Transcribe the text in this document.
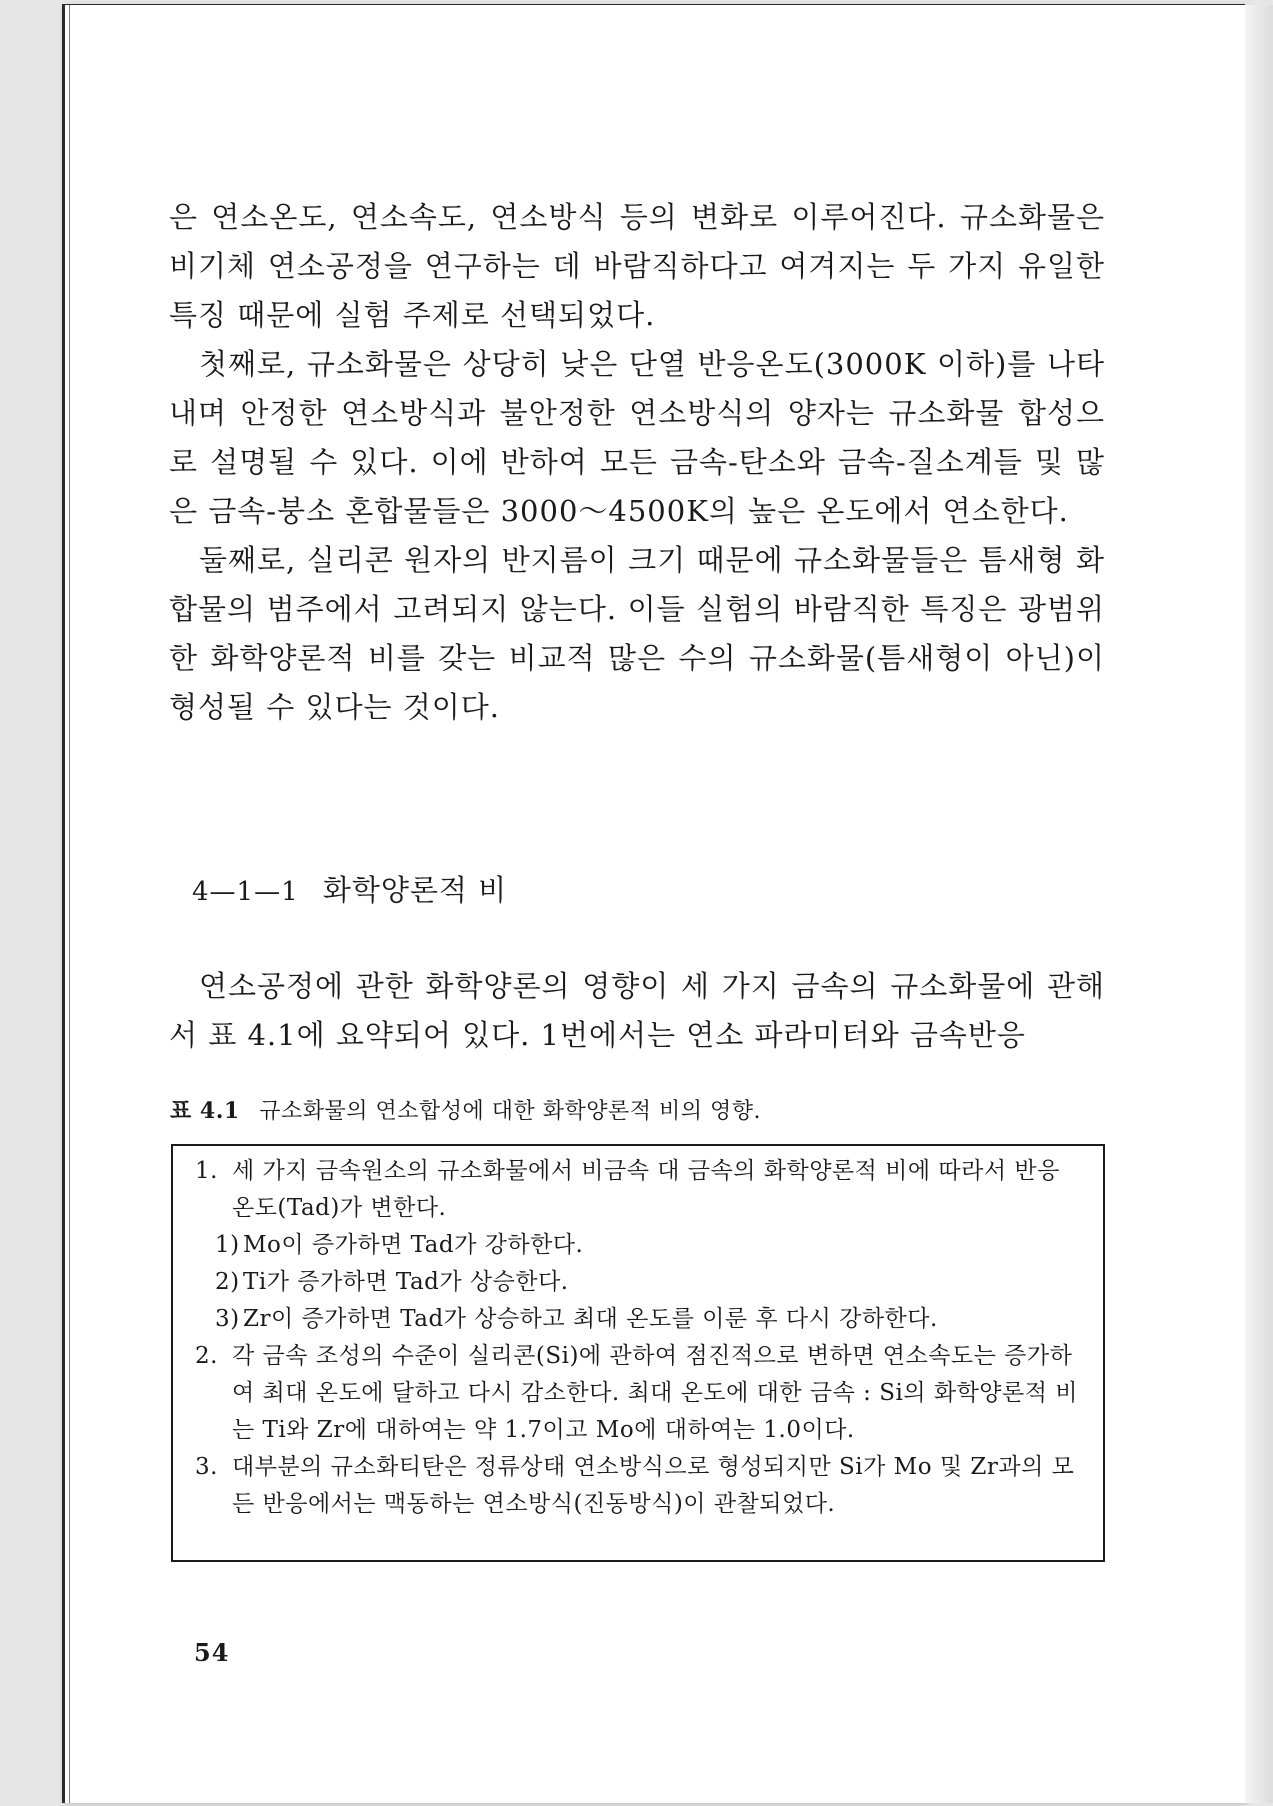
은 연소온도, 연소속도, 연소방식 등의 변화로 이루어진다. 규소화물은 비기체 연소공정을 연구하는 데 바람직하다고 여겨지는 두 가지 유일한 특징 때문에 실험 주제로 선택되었다.

첫째로, 규소화물은 상당히 낮은 단열 반응온도(3000K 이하)를 나타내며 안정한 연소방식과 불안정한 연소방식의 양자는 규소화물 합성으로 설명될 수 있다. 이에 반하여 모든 금속-탄소와 금속-질소계들 및 많은 금속-붕소 혼합물들은 3000～4500K의 높은 온도에서 연소한다.

둘째로, 실리콘 원자의 반지름이 크기 때문에 규소화물들은 틈새형 화합물의 범주에서 고려되지 않는다. 이들 실험의 바람직한 특징은 광범위한 화학양론적 비를 갖는 비교적 많은 수의 규소화물(틈새형이 아닌)이 형성될 수 있다는 것이다.

4—1—1 화학양론적 비

연소공정에 관한 화학양론의 영향이 세 가지 금속의 규소화물에 관해서 표 4.1에 요약되어 있다. 1번에서는 연소 파라미터와 금속반응

표 4.1 규소화물의 연소합성에 대한 화학양론적 비의 영향.
1. 세 가지 금속원소의 규소화물에서 비금속 대 금속의 화학양론적 비에 따라서 반응온도(Tad)가 변한다.
1) Mo이 증가하면 Tad가 강하한다.
2) Ti가 증가하면 Tad가 상승한다.
3) Zr이 증가하면 Tad가 상승하고 최대 온도를 이룬 후 다시 강하한다.
2. 각 금속 조성의 수준이 실리콘(Si)에 관하여 점진적으로 변하면 연소속도는 증가하여 최대 온도에 달하고 다시 감소한다. 최대 온도에 대한 금속 : Si의 화학양론적 비는 Ti와 Zr에 대하여는 약 1.7이고 Mo에 대하여는 1.0이다.
3. 대부분의 규소화티탄은 정류상태 연소방식으로 형성되지만 Si가 Mo 및 Zr과의 모든 반응에서는 맥동하는 연소방식(진동방식)이 관찰되었다.
54
